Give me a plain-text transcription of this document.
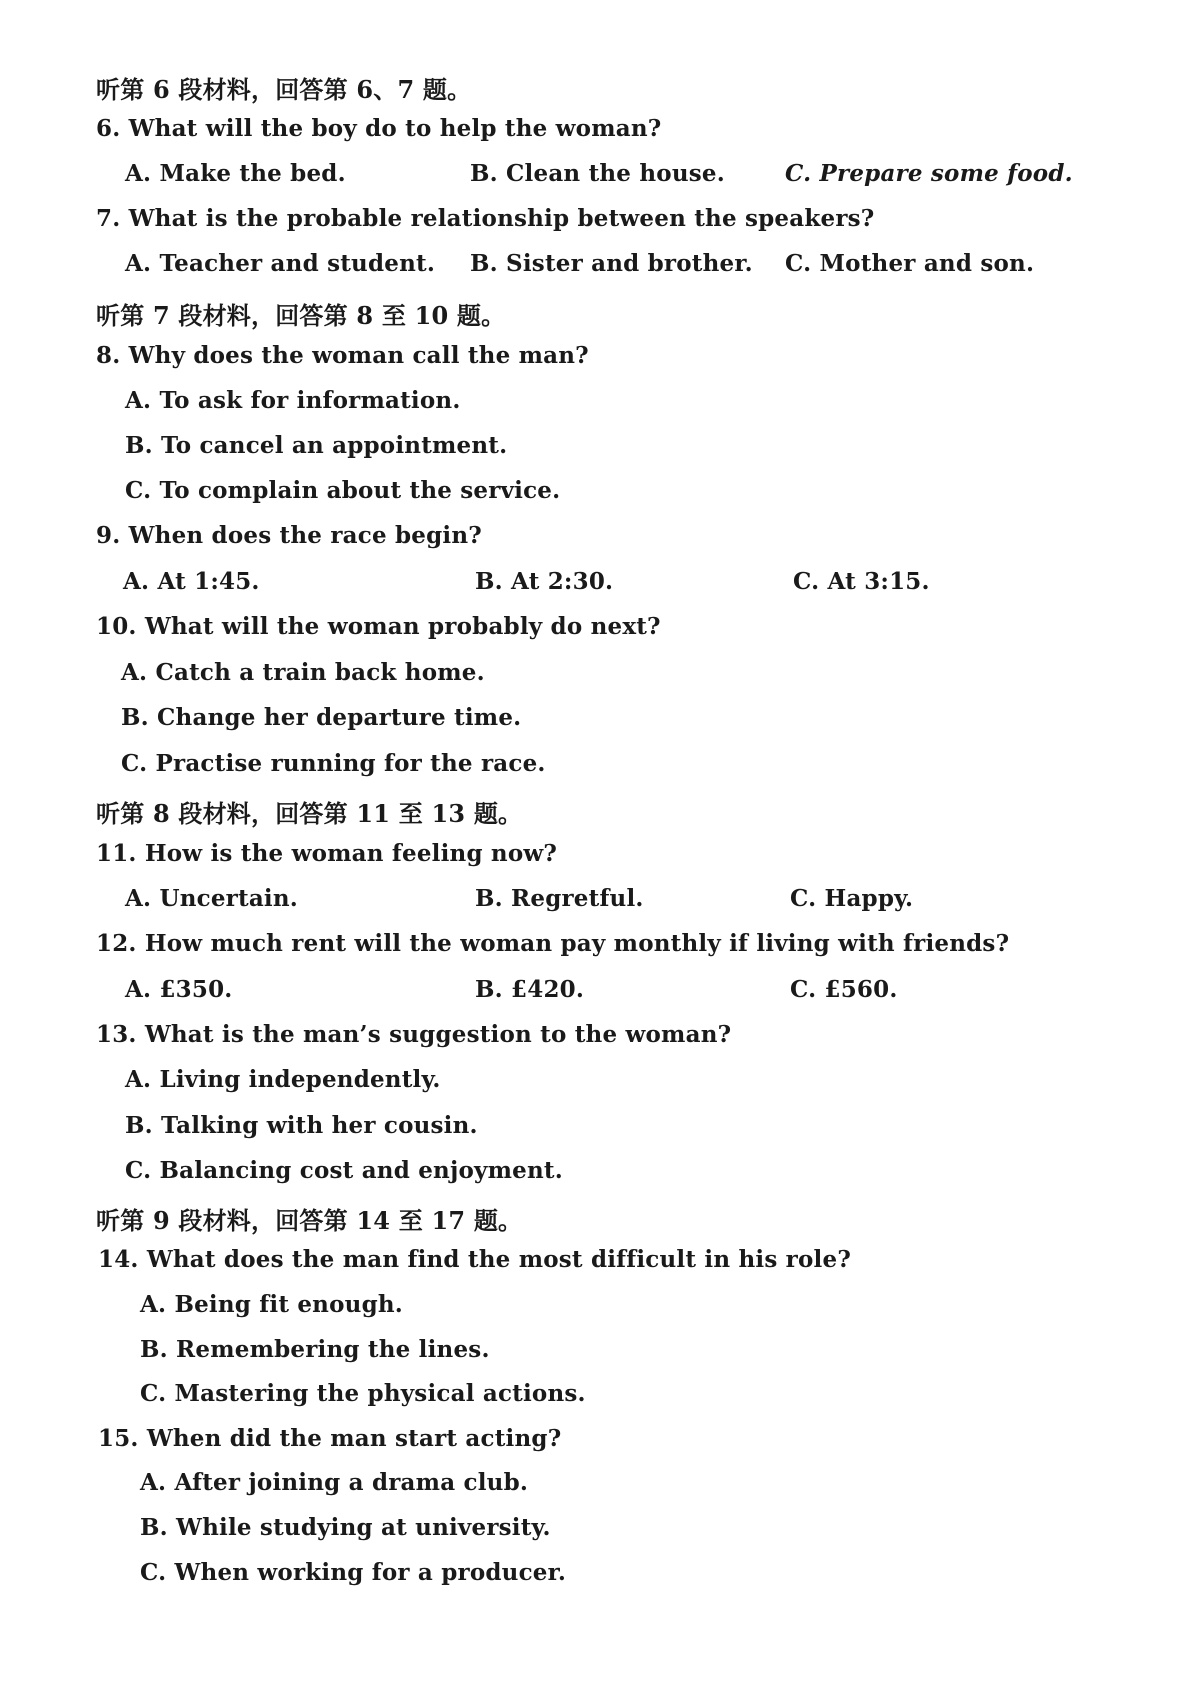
听第 6 段材料，回答第 6、7 题。
6. What will the boy do to help the woman?
A. Make the bed.	B. Clean the house.	C. Prepare some food.
7. What is the probable relationship between the speakers?
A. Teacher and student. B. Sister and brother. C. Mother and son.
听第 7 段材料，回答第 8 至 10 题。
8. Why does the woman call the man?
A. To ask for information.
B. To cancel an appointment.
C. To complain about the service.
9. When does the race begin?
A. At 1:45.	B. At 2:30.	C. At 3:15.
10. What will the woman probably do next?
A. Catch a train back home.
B. Change her departure time.
C. Practise running for the race.
听第 8 段材料，回答第 11 至 13 题。
11. How is the woman feeling now?
A. Uncertain.	B. Regretful.	C. Happy.
12. How much rent will the woman pay monthly if living with friends?
A. £350.	B. £420.	C. £560.
13. What is the man’s suggestion to the woman?
A. Living independently.
B. Talking with her cousin.
C. Balancing cost and enjoyment.
听第 9 段材料，回答第 14 至 17 题。
14. What does the man find the most difficult in his role?
A. Being fit enough.
B. Remembering the lines.
C. Mastering the physical actions.
15. When did the man start acting?
A. After joining a drama club.
B. While studying at university.
C. When working for a producer.
